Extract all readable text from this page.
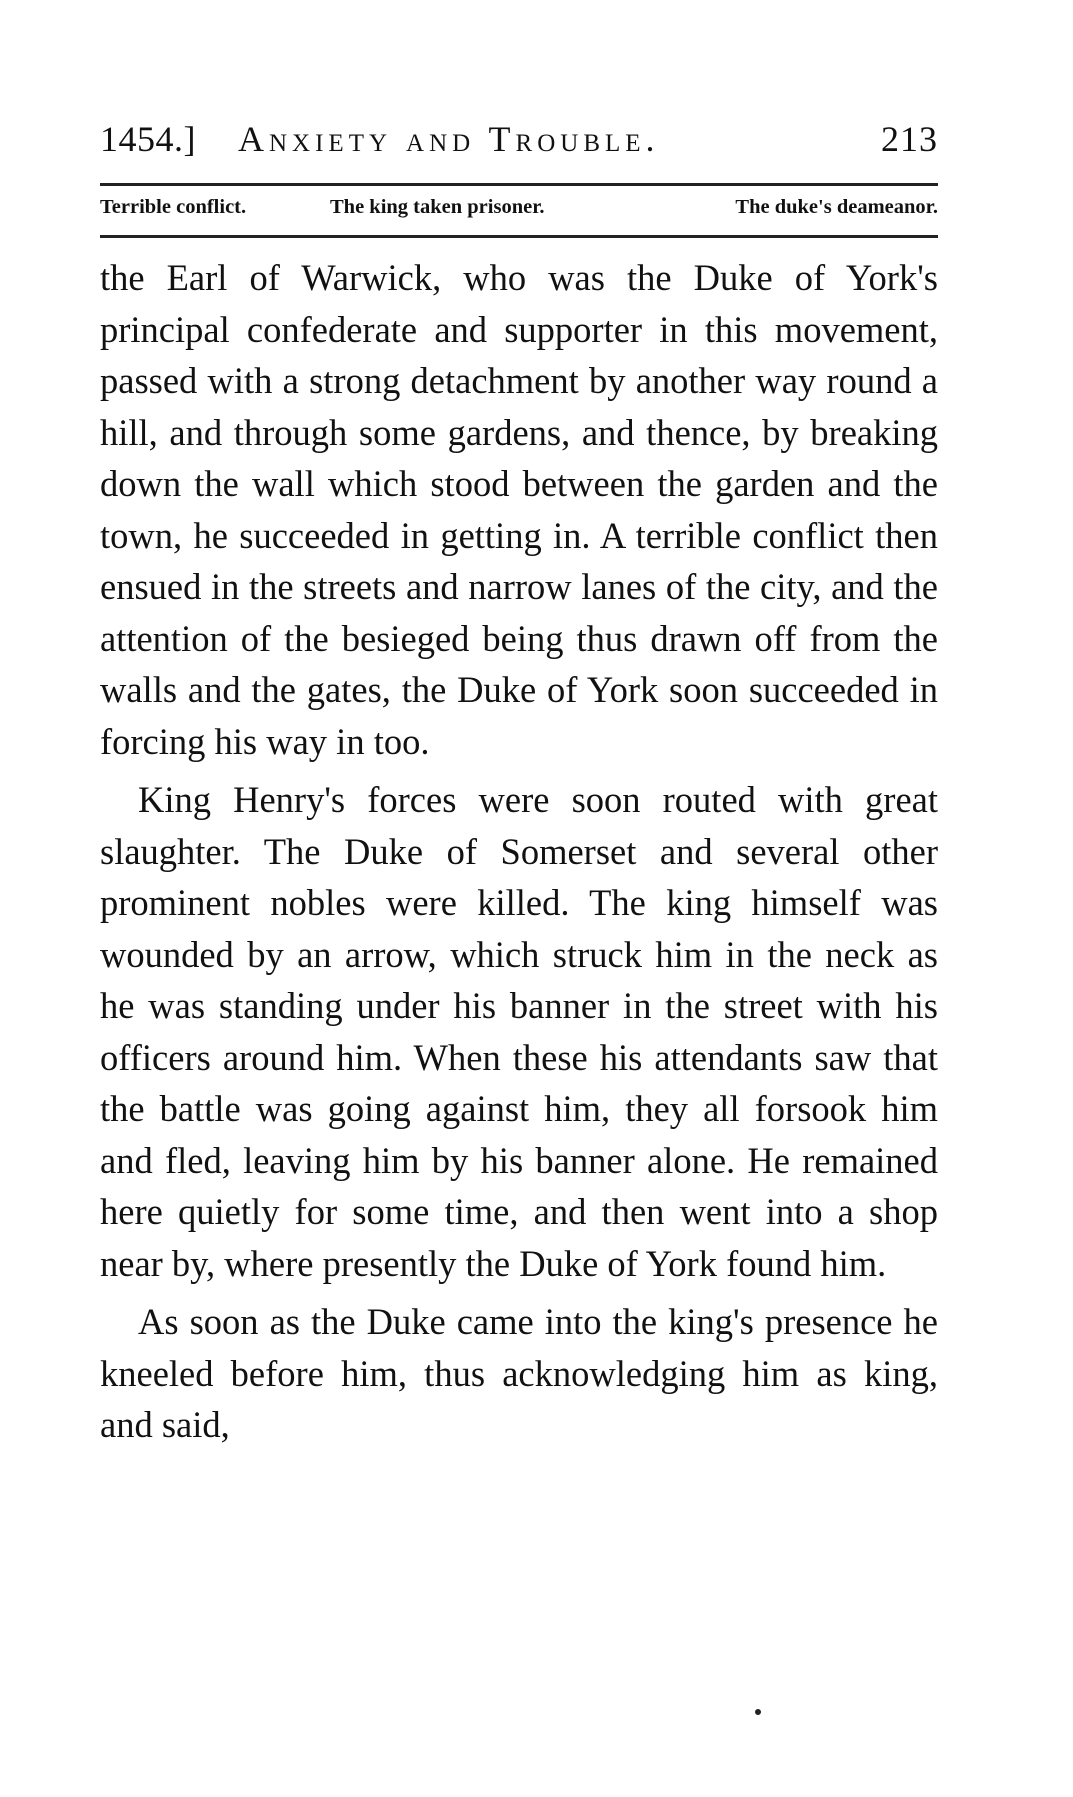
1454.] Anxiety and Trouble.	213
Terrible conflict.	The king taken prisoner.	The duke's deameanor.

the Earl of Warwick, who was the Duke of York's principal confederate and supporter in this movement, passed with a strong detachment by another way round a hill, and through some gardens, and thence, by breaking down the wall which stood between the garden and the town, he succeeded in getting in. A terrible conflict then ensued in the streets and narrow lanes of the city, and the attention of the besieged being thus drawn off from the walls and the gates, the Duke of York soon succeeded in forcing his way in too.

King Henry's forces were soon routed with great slaughter. The Duke of Somerset and several other prominent nobles were killed. The king himself was wounded by an arrow, which struck him in the neck as he was standing under his banner in the street with his officers around him. When these his attendants saw that the battle was going against him, they all forsook him and fled, leaving him by his banner alone. He remained here quietly for some time, and then went into a shop near by, where presently the Duke of York found him.

As soon as the Duke came into the king's presence he kneeled before him, thus acknowledging him as king, and said,
